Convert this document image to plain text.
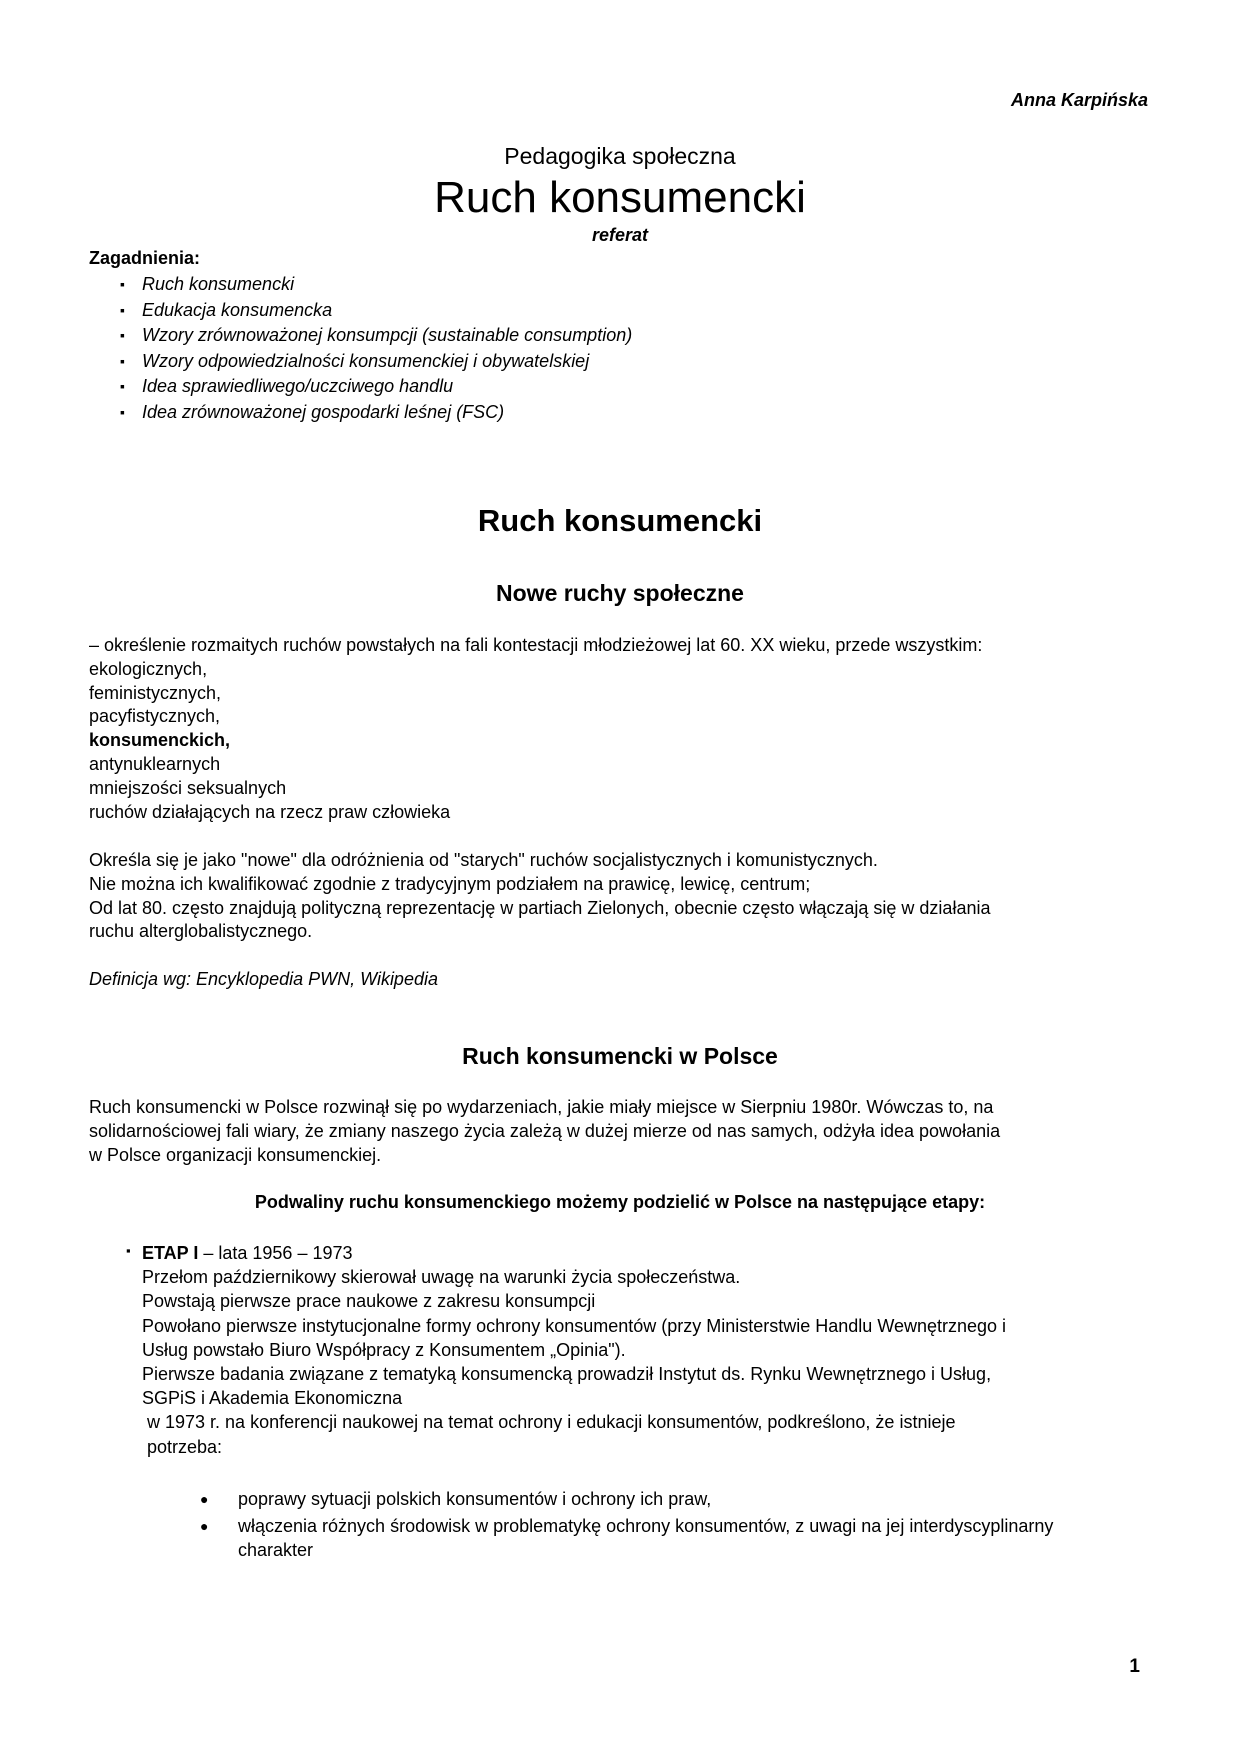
Anna Karpińska

Pedagogika społeczna

Ruch konsumencki

referat

Zagadnienia:

▪ Ruch konsumencki
▪ Edukacja konsumencka
▪ Wzory zrównoważonej konsumpcji (sustainable consumption)
▪ Wzory odpowiedzialności konsumenckiej i obywatelskiej
▪ Idea sprawiedliwego/uczciwego handlu
▪ Idea zrównoważonej gospodarki leśnej (FSC)
Ruch konsumencki
Nowe ruchy społeczne
– określenie rozmaitych ruchów powstałych na fali kontestacji młodzieżowej lat 60. XX wieku, przede wszystkim:
ekologicznych,
feministycznych,
pacyfistycznych,
konsumenckich,
antynuklearnych
mniejszości seksualnych
ruchów działających na rzecz praw człowieka
Określa się je jako "nowe" dla odróżnienia od "starych" ruchów socjalistycznych i komunistycznych.
Nie można ich kwalifikować zgodnie z tradycyjnym podziałem na prawicę, lewicę, centrum;
Od lat 80. często znajdują polityczną reprezentację w partiach Zielonych, obecnie często włączają się w działania
ruchu alterglobalistycznego.

Definicja wg: Encyklopedia PWN, Wikipedia

Ruch konsumencki w Polsce
Ruch konsumencki w Polsce rozwinął się po wydarzeniach, jakie miały miejsce w Sierpniu 1980r. Wówczas to, na
solidarnościowej fali wiary, że zmiany naszego życia zależą w dużej mierze od nas samych, odżyła idea powołania
w Polsce organizacji konsumenckiej.

Podwaliny ruchu konsumenckiego możemy podzielić w Polsce na następujące etapy:

▪ ETAP I – lata 1956 – 1973
Przełom październikowy skierował uwagę na warunki życia społeczeństwa.
Powstają pierwsze prace naukowe z zakresu konsumpcji
Powołano pierwsze instytucjonalne formy ochrony konsumentów (przy Ministerstwie Handlu Wewnętrznego i
Usług powstało Biuro Współpracy z Konsumentem „Opinia").
Pierwsze badania związane z tematyką konsumencką prowadził Instytut ds. Rynku Wewnętrznego i Usług,
SGPiS i Akademia Ekonomiczna
w 1973 r. na konferencji naukowej na temat ochrony i edukacji konsumentów, podkreślono, że istnieje
potrzeba:
● poprawy sytuacji polskich konsumentów i ochrony ich praw,
● włączenia różnych środowisk w problematykę ochrony konsumentów, z uwagi na jej interdyscyplinarny charakter

1
